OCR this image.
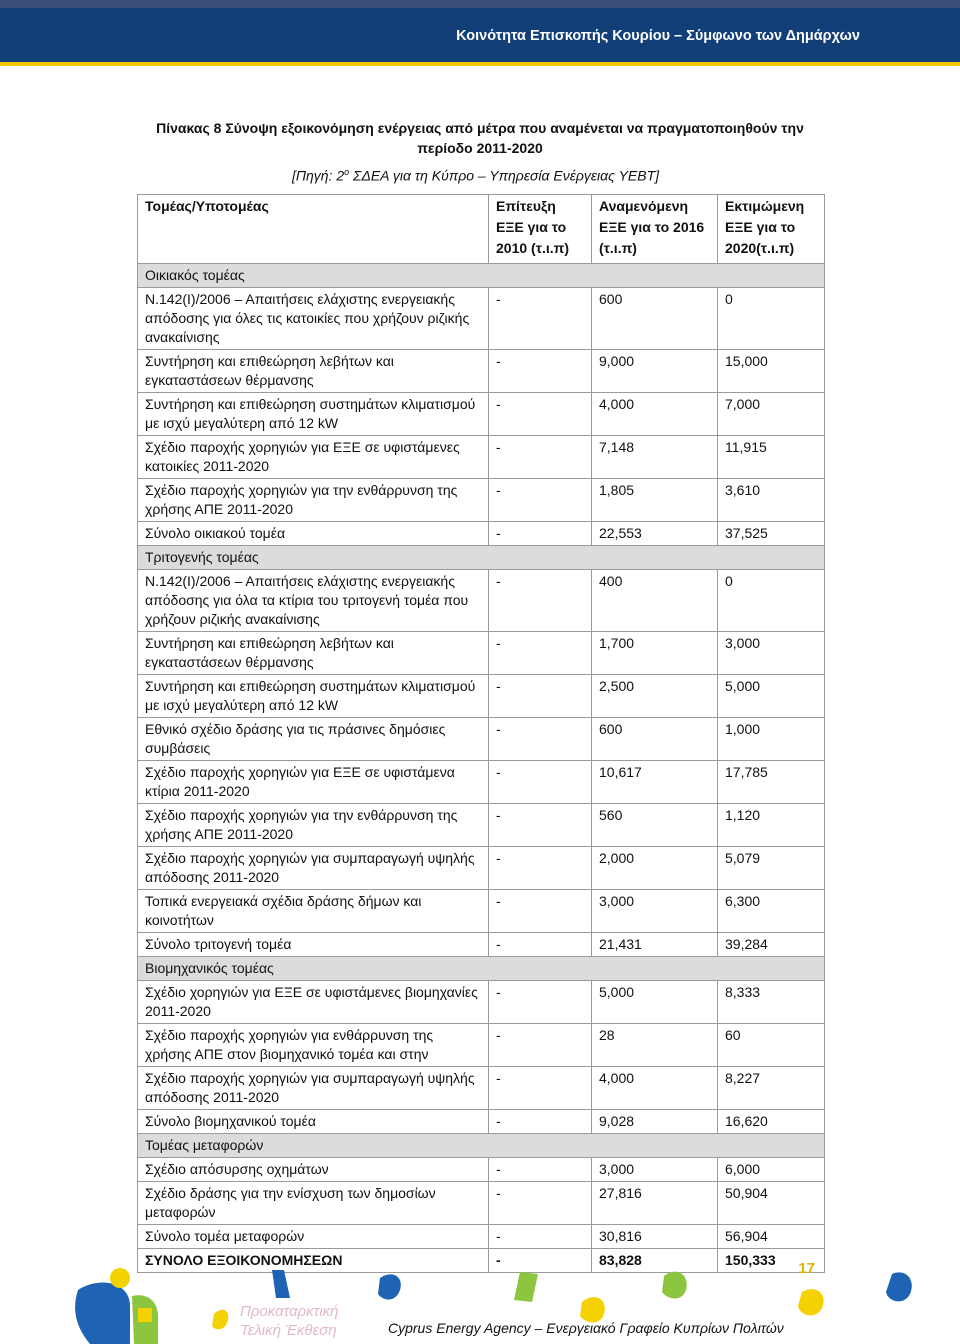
Κοινότητα Επισκοπής Κουρίου – Σύμφωνο των Δημάρχων
Πίνακας 8 Σύνοψη εξοικονόμηση ενέργειας από μέτρα που αναμένεται να πραγματοποιηθούν την
περίοδο 2011-2020
[Πηγή: $2^o$ ΣΔΕΑ για τη Κύπρο – Υπηρεσία Ενέργειας ΥΕΒΤ]
Τομέας/Υποτομέας	Επίτευξη ΕΞΕ για το 2010 (τ.ι.π)	Αναμενόμενη ΕΞΕ για το 2016 (τ.ι.π)	Εκτιμώμενη ΕΞΕ για το 2020(τ.ι.π)
Οικιακός τομέας			
Ν.142(Ι)/2006 – Απαιτήσεις ελάχιστης ενεργειακής απόδοσης για όλες τις κατοικίες που χρήζουν ριζικής ανακαίνισης	-	600	0
Συντήρηση και επιθεώρηση λεβήτων και εγκαταστάσεων θέρμανσης	-	9,000	15,000
Συντήρηση και επιθεώρηση συστημάτων κλιματισμού με ισχύ μεγαλύτερη από 12 kW	-	4,000	7,000
Σχέδιο παροχής χορηγιών για ΕΞΕ σε υφιστάμενες κατοικίες 2011-2020	-	7,148	11,915
Σχέδιο παροχής χορηγιών για την ενθάρρυνση της χρήσης ΑΠΕ 2011-2020	-	1,805	3,610
Σύνολο οικιακού τομέα	-	22,553	37,525
Τριτογενής τομέας			
Ν.142(Ι)/2006 – Απαιτήσεις ελάχιστης ενεργειακής απόδοσης για όλα τα κτίρια του τριτογενή τομέα που χρήζουν ριζικής ανακαίνισης	-	400	0
Συντήρηση και επιθεώρηση λεβήτων και εγκαταστάσεων θέρμανσης	-	1,700	3,000
Συντήρηση και επιθεώρηση συστημάτων κλιματισμού με ισχύ μεγαλύτερη από 12 kW	-	2,500	5,000
Εθνικό σχέδιο δράσης για τις πράσινες δημόσιες συμβάσεις	-	600	1,000
Σχέδιο παροχής χορηγιών για ΕΞΕ σε υφιστάμενα κτίρια 2011-2020	-	10,617	17,785
Σχέδιο παροχής χορηγιών για την ενθάρρυνση της χρήσης ΑΠΕ 2011-2020	-	560	1,120
Σχέδιο παροχής χορηγιών για συμπαραγωγή υψηλής απόδοσης 2011-2020	-	2,000	5,079
Τοπικά ενεργειακά σχέδια δράσης δήμων και κοινοτήτων	-	3,000	6,300
Σύνολο τριτογενή τομέα	-	21,431	39,284
Βιομηχανικός τομέας			
Σχέδιο χορηγιών για ΕΞΕ σε υφιστάμενες βιομηχανίες 2011-2020	-	5,000	8,333
Σχέδιο παροχής χορηγιών για ενθάρρυνση της χρήσης ΑΠΕ στον βιομηχανικό τομέα και στην	-	28	60
Σχέδιο παροχής χορηγιών για συμπαραγωγή υψηλής απόδοσης 2011-2020	-	4,000	8,227
Σύνολο βιομηχανικού τομέα	-	9,028	16,620
Τομέας μεταφορών			
Σχέδιο απόσυρσης οχημάτων	-	3,000	6,000
Σχέδιο δράσης για την ενίσχυση των δημοσίων μεταφορών	-	27,816	50,904
Σύνολο τομέα μεταφορών	-	30,816	56,904
ΣΥΝΟΛΟ ΕΞΟΙΚΟΝΟΜΗΣΕΩΝ	-	83,828	150,333 17
Προκαταρκτική
Τελική Έκθεση	Cyprus Energy Agency – Ενεργειακό Γραφείο Κυπρίων Πολιτών
